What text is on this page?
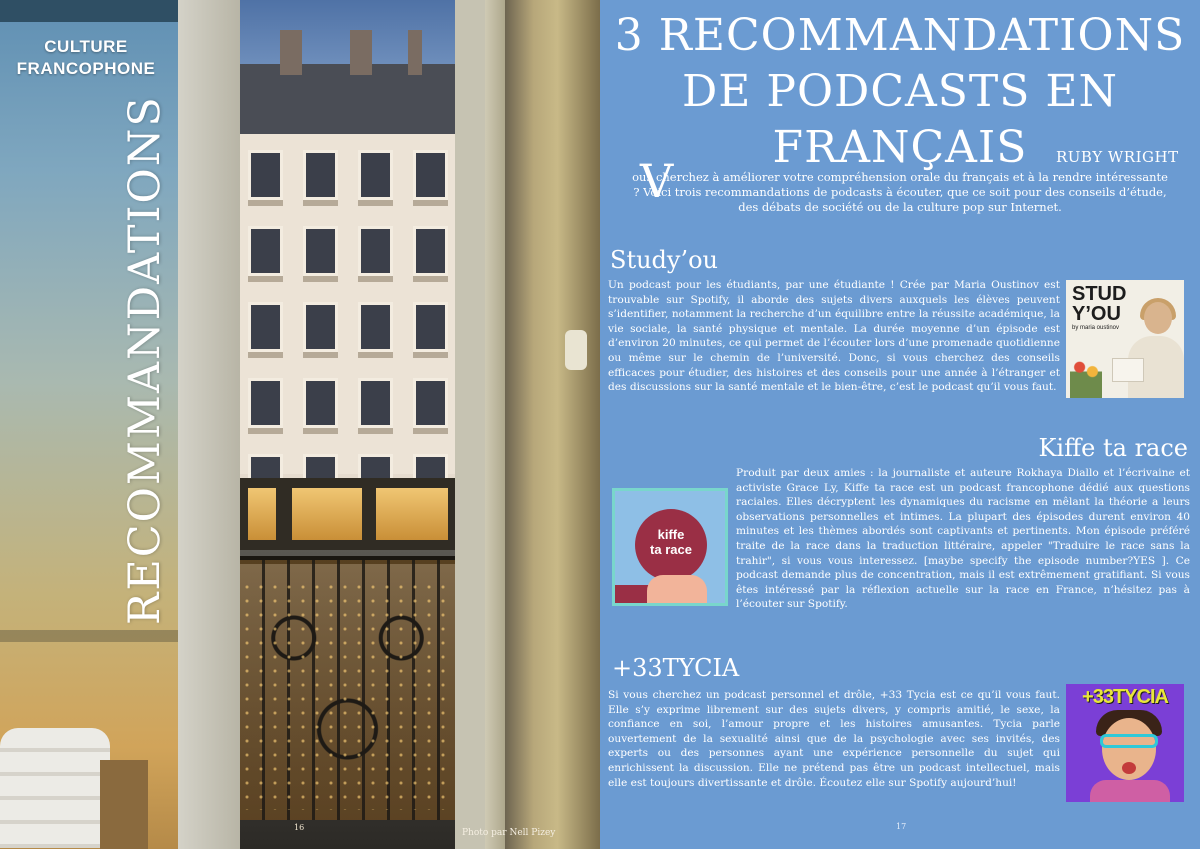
CULTURE
FRANCOPHONE
RECOMMANDATIONS
16
Photo par Nell Pizey
3 RECOMMANDATIONS
DE PODCASTS EN
FRANÇAIS	RUBY WRIGHT
V

ous cherchez à améliorer votre compréhension orale du français et à la rendre intéressante ? Voici trois recommandations de podcasts à écouter, que ce soit pour des conseils d’étude, des débats de société ou de la culture pop sur Internet.

Study’ou

Un podcast pour les étudiants, par une étudiante ! Crée par Maria Oustinov est trouvable sur Spotify, il aborde des sujets divers auxquels les élèves peuvent s’identifier, notamment la recherche d’un équilibre entre la réussite académique, la vie sociale, la santé physique et mentale. La durée moyenne d’un épisode est d’environ 20 minutes, ce qui permet de l’écouter lors d’une promenade quotidienne ou même sur le chemin de l’université. Donc, si vous cherchez des conseils efficaces pour étudier, des histoires et des conseils pour une année à l’étranger et des discussions sur la santé mentale et le bien-être, c’est le podcast qu’il vous faut.

STUD
Y’OU
by maria oustinov
Kiffe ta race

Produit par deux amies : la journaliste et auteure Rokhaya Diallo et l’écrivaine et activiste Grace Ly, Kiffe ta race est un podcast francophone dédié aux questions raciales. Elles décryptent les dynamiques du racisme en mêlant la théorie a leurs observations personnelles et intimes. La plupart des épisodes durent environ 40 minutes et les thèmes abordés sont captivants et pertinents. Mon épisode préféré traite de la race dans la traduction littéraire, appeler "Traduire le race sans la trahir", si vous vous interessez. [maybe specify the episode number?YES ]. Ce podcast demande plus de concentration, mais il est extrêmement gratifiant. Si vous êtes intéressé par la réflexion actuelle sur la race en France, n’hésitez pas à l’écouter sur Spotify.

kiffe
ta race
+33TYCIA

Si vous cherchez un podcast personnel et drôle, +33 Tycia est ce qu’il vous faut. Elle s’y exprime librement sur des sujets divers, y compris amitié, le sexe, la confiance en soi, l’amour propre et les histoires amusantes. Tycia parle ouvertement de la sexualité ainsi que de la psychologie avec ses invités, des experts ou des personnes ayant une expérience personnelle du sujet qui enrichissent la discussion. Elle ne prétend pas être un podcast intellectuel, mais elle est toujours divertissante et drôle. Écoutez elle sur Spotify aujourd’hui!

+33TYCIA
17
